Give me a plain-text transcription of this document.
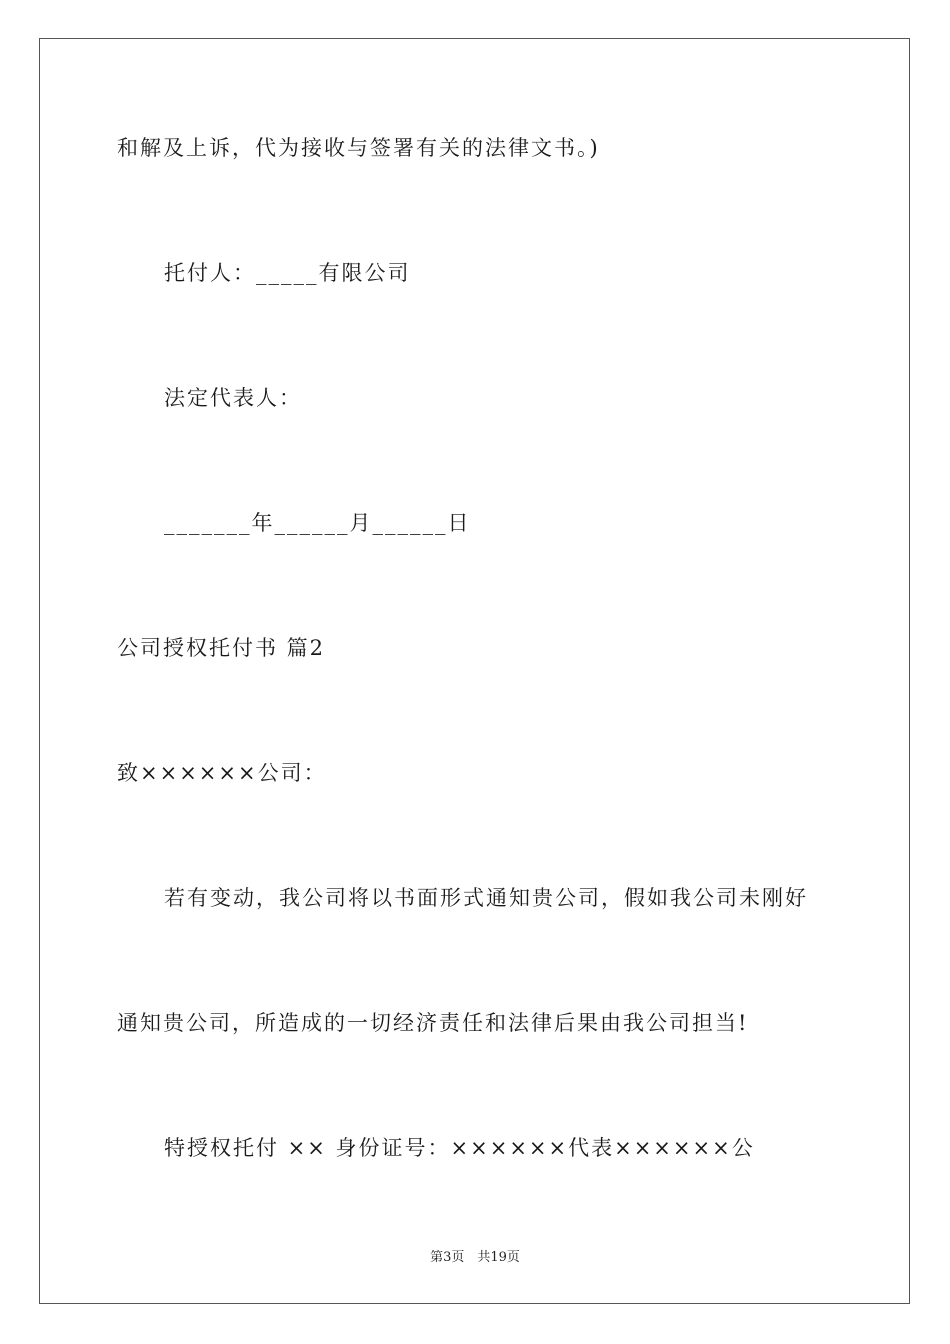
和解及上诉，代为接收与签署有关的法律文书。)
托付人：_____有限公司
法定代表人：
_______年______月______日
公司授权托付书 篇2
致××××××公司：
若有变动，我公司将以书面形式通知贵公司，假如我公司未刚好
通知贵公司，所造成的一切经济责任和法律后果由我公司担当!
特授权托付 ×× 身份证号：××××××代表××××××公
第3页　共19页
